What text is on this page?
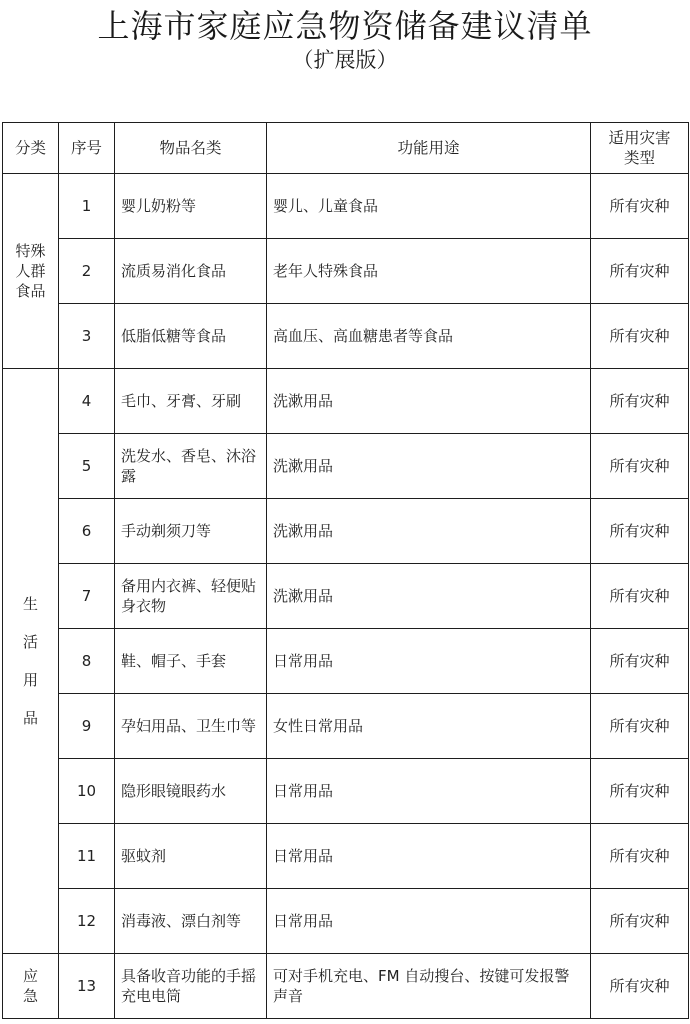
上海市家庭应急物资储备建议清单
（扩展版）
分类	序号	物品名类	功能用途	适用灾害
类型

特殊
人群
食品	1	婴儿奶粉等	婴儿、儿童食品	所有灾种
	2	流质易消化食品	老年人特殊食品	所有灾种
	3	低脂低糖等食品	高血压、高血糖患者等食品	所有灾种

生
活
用
品	4	毛巾、牙膏、牙刷	洗漱用品	所有灾种
	5	洗发水、香皂、沐浴露	洗漱用品	所有灾种
	6	手动剃须刀等	洗漱用品	所有灾种
	7	备用内衣裤、轻便贴身衣物	洗漱用品	所有灾种
	8	鞋、帽子、手套	日常用品	所有灾种
	9	孕妇用品、卫生巾等	女性日常用品	所有灾种
	10	隐形眼镜眼药水	日常用品	所有灾种
	11	驱蚊剂	日常用品	所有灾种
	12	消毒液、漂白剂等	日常用品	所有灾种

应
急	13	具备收音功能的手摇充电电筒	可对手机充电、FM 自动搜台、按键可发报警声音	所有灾种
